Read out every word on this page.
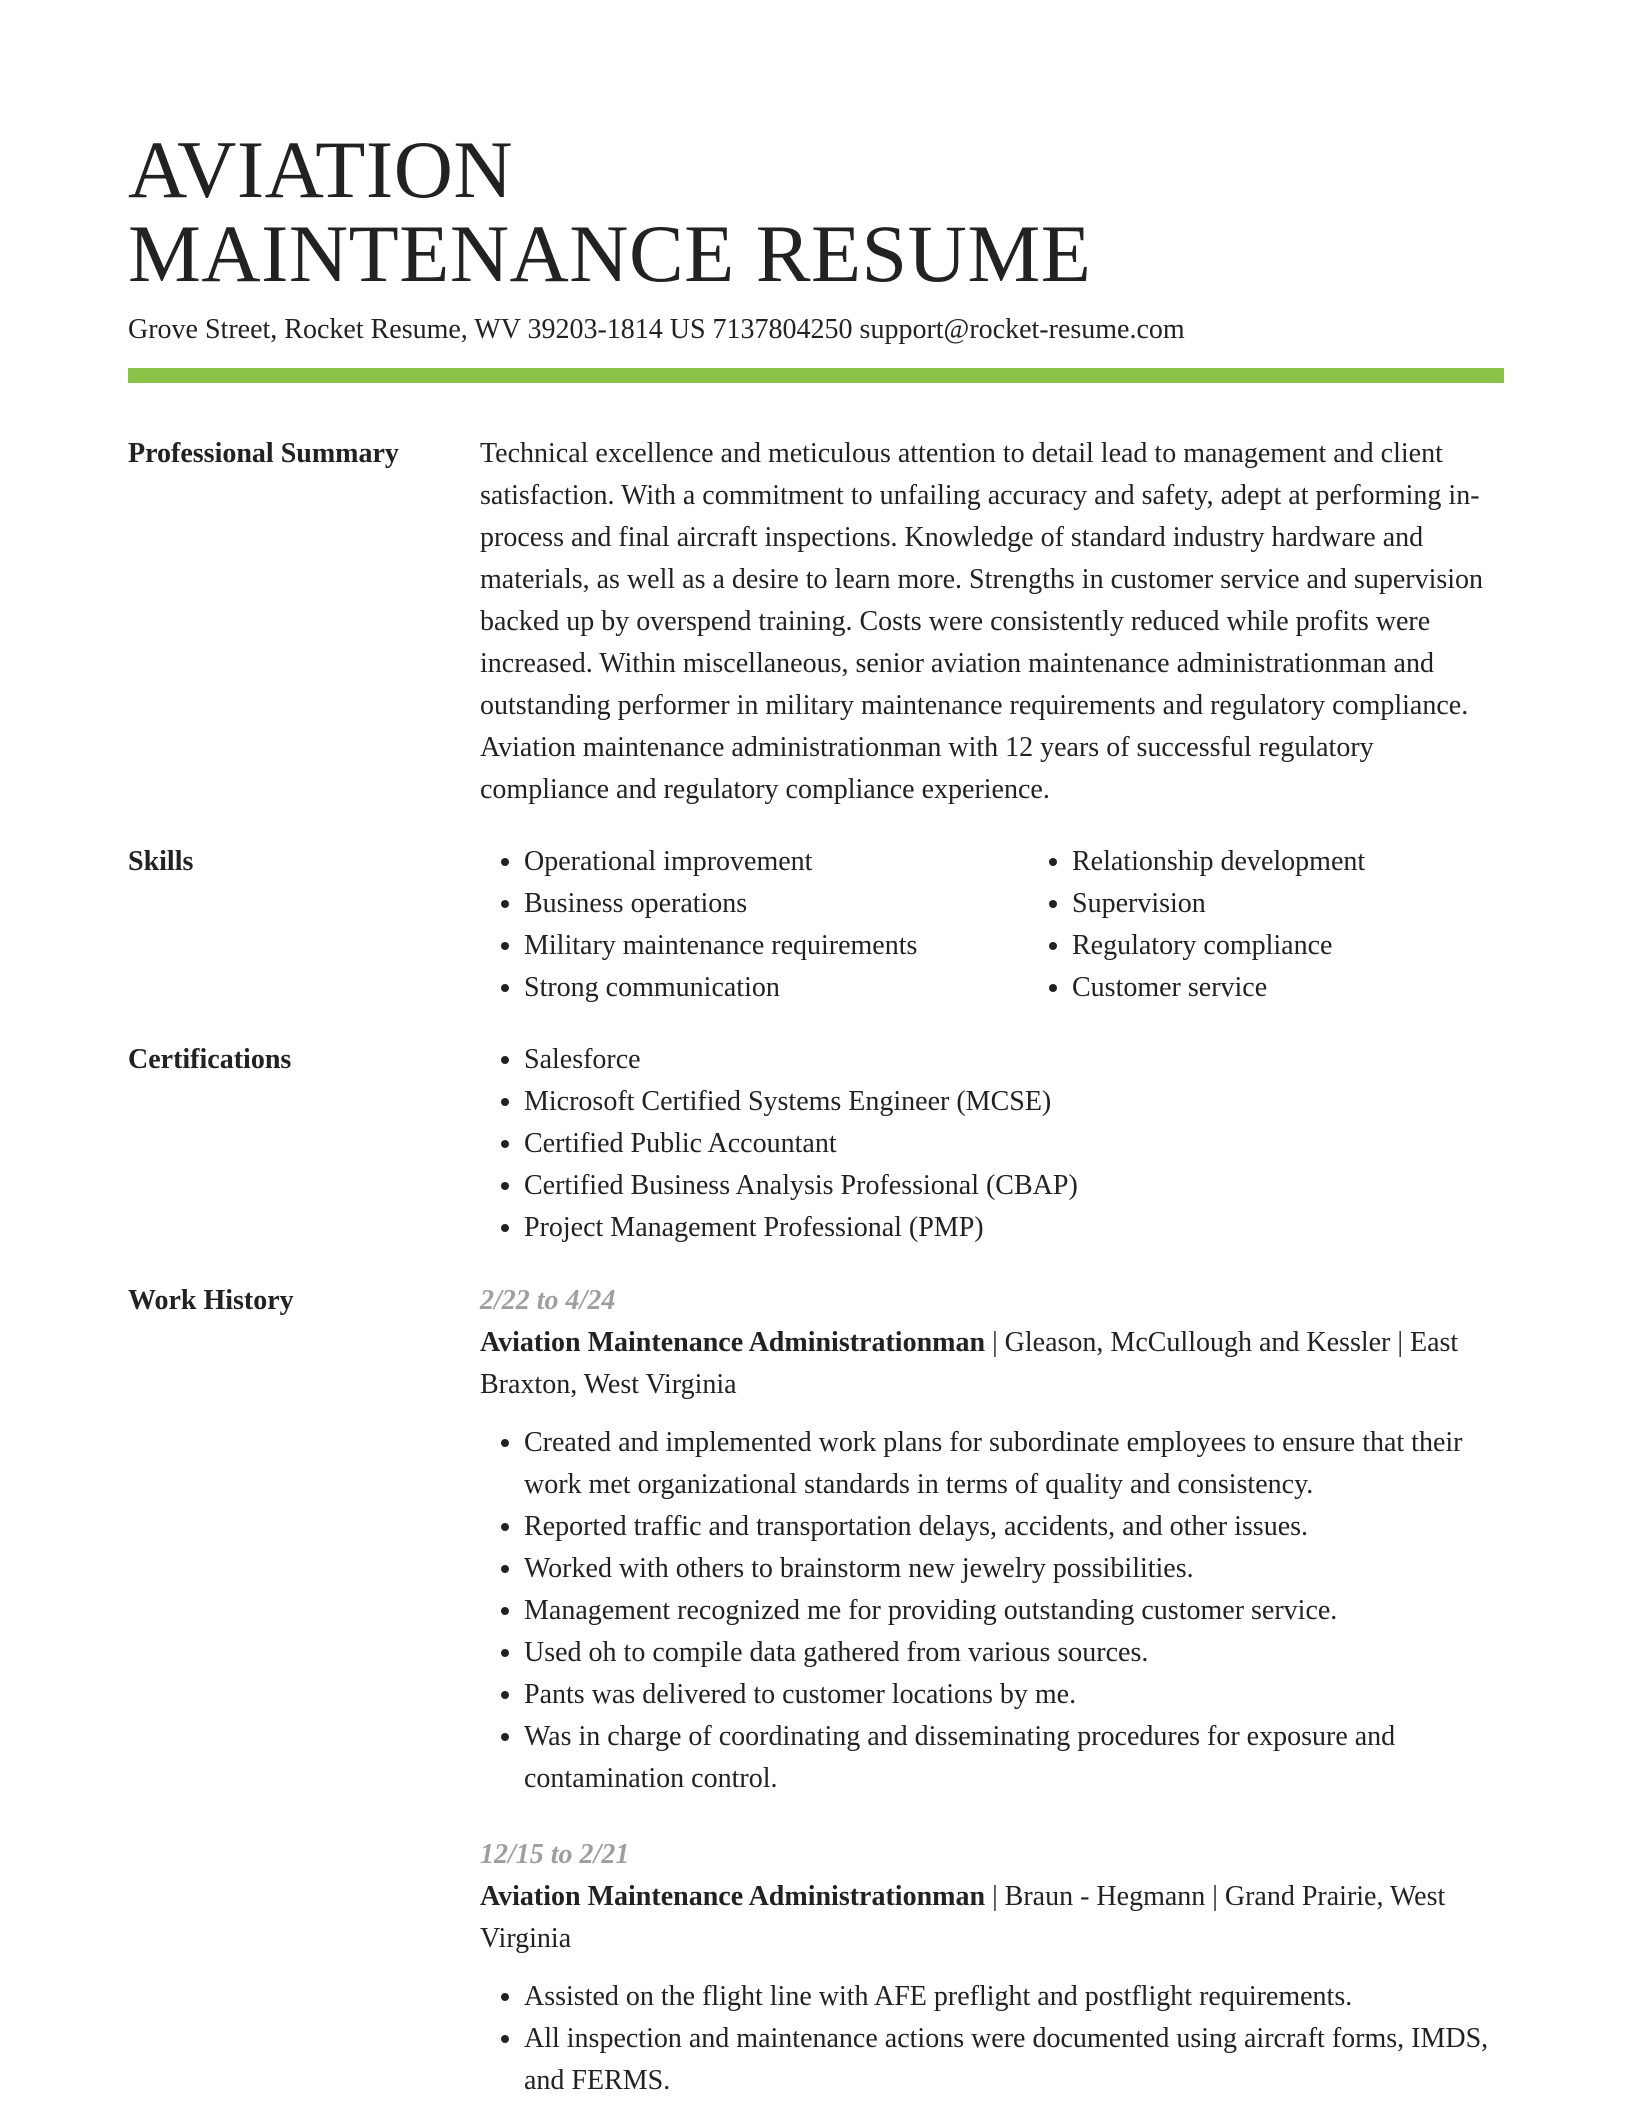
AVIATION
MAINTENANCE RESUME
Grove Street, Rocket Resume, WV 39203-1814 US 7137804250 support@rocket-resume.com
Professional Summary	Technical excellence and meticulous attention to detail lead to management and client satisfaction. With a commitment to unfailing accuracy and safety, adept at performing in-process and final aircraft inspections. Knowledge of standard industry hardware and materials, as well as a desire to learn more. Strengths in customer service and supervision backed up by overspend training. Costs were consistently reduced while profits were increased. Within miscellaneous, senior aviation maintenance administrationman and outstanding performer in military maintenance requirements and regulatory compliance. Aviation maintenance administrationman with 12 years of successful regulatory compliance and regulatory compliance experience.

Skills	• Operational improvement
• Business operations
• Military maintenance requirements
• Strong communication
• Relationship development
• Supervision
• Regulatory compliance
• Customer service
Certifications	• Salesforce
• Microsoft Certified Systems Engineer (MCSE)
• Certified Public Accountant
• Certified Business Analysis Professional (CBAP)
• Project Management Professional (PMP)
Work History	2/22 to 4/24
Aviation Maintenance Administrationman | Gleason, McCullough and Kessler | East Braxton, West Virginia
• Created and implemented work plans for subordinate employees to ensure that their work met organizational standards in terms of quality and consistency.
• Reported traffic and transportation delays, accidents, and other issues.
• Worked with others to brainstorm new jewelry possibilities.
• Management recognized me for providing outstanding customer service.
• Used oh to compile data gathered from various sources.
• Pants was delivered to customer locations by me.
• Was in charge of coordinating and disseminating procedures for exposure and contamination control.
12/15 to 2/21
Aviation Maintenance Administrationman | Braun - Hegmann | Grand Prairie, West Virginia
• Assisted on the flight line with AFE preflight and postflight requirements.
• All inspection and maintenance actions were documented using aircraft forms, IMDS, and FERMS.
